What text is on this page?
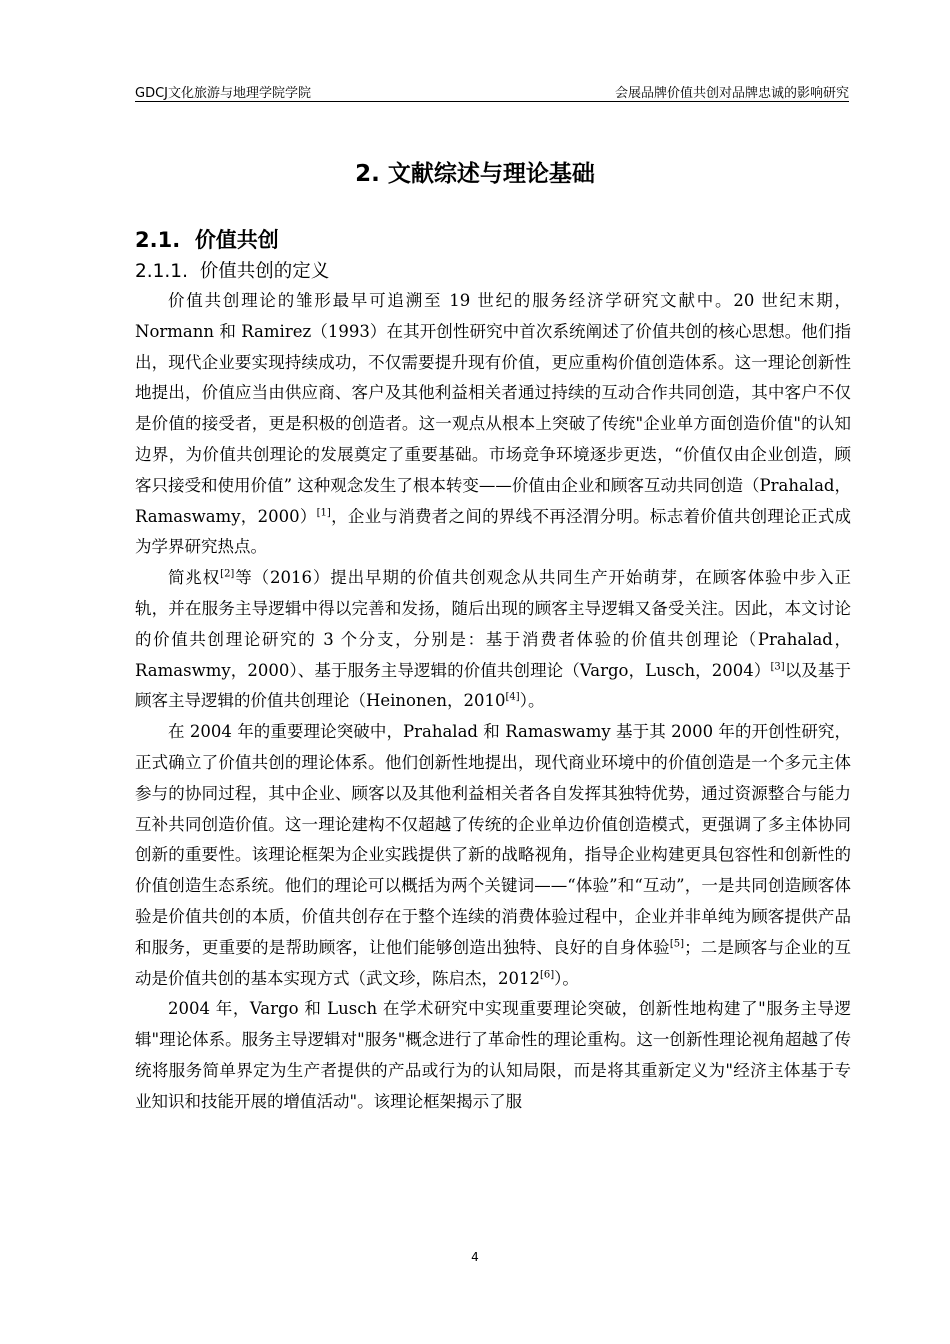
GDCJ文化旅游与地理学院学院	会展品牌价值共创对品牌忠诚的影响研究
2. 文献综述与理论基础
2.1. 价值共创
2.1.1. 价值共创的定义

价值共创理论的雏形最早可追溯至 19 世纪的服务经济学研究文献中。20 世纪末期，Normann 和 Ramirez（1993）在其开创性研究中首次系统阐述了价值共创的核心思想。他们指出，现代企业要实现持续成功，不仅需要提升现有价值，更应重构价值创造体系。这一理论创新性地提出，价值应当由供应商、客户及其他利益相关者通过持续的互动合作共同创造，其中客户不仅是价值的接受者，更是积极的创造者。这一观点从根本上突破了传统"企业单方面创造价值"的认知边界，为价值共创理论的发展奠定了重要基础。市场竞争环境逐步更迭，“价值仅由企业创造，顾客只接受和使用价值” 这种观念发生了根本转变——价值由企业和顾客互动共同创造（Prahalad，Ramaswamy，2000）[1]，企业与消费者之间的界线不再泾渭分明。标志着价值共创理论正式成为学界研究热点。

简兆权[2]等（2016）提出早期的价值共创观念从共同生产开始萌芽，在顾客体验中步入正轨，并在服务主导逻辑中得以完善和发扬，随后出现的顾客主导逻辑又备受关注。因此，本文讨论的价值共创理论研究的 3 个分支，分别是：基于消费者体验的价值共创理论（Prahalad，Ramaswmy，2000）、基于服务主导逻辑的价值共创理论（Vargo，Lusch，2004）[3]以及基于顾客主导逻辑的价值共创理论（Heinonen，2010[4]）。

在 2004 年的重要理论突破中，Prahalad 和 Ramaswamy 基于其 2000 年的开创性研究，正式确立了价值共创的理论体系。他们创新性地提出，现代商业环境中的价值创造是一个多元主体参与的协同过程，其中企业、顾客以及其他利益相关者各自发挥其独特优势，通过资源整合与能力互补共同创造价值。这一理论建构不仅超越了传统的企业单边价值创造模式，更强调了多主体协同创新的重要性。该理论框架为企业实践提供了新的战略视角，指导企业构建更具包容性和创新性的价值创造生态系统。他们的理论可以概括为两个关键词——“体验”和“互动”，一是共同创造顾客体验是价值共创的本质，价值共创存在于整个连续的消费体验过程中，企业并非单纯为顾客提供产品和服务，更重要的是帮助顾客，让他们能够创造出独特、良好的自身体验[5]；二是顾客与企业的互动是价值共创的基本实现方式（武文珍，陈启杰，2012[6]）。

2004 年，Vargo 和 Lusch 在学术研究中实现重要理论突破，创新性地构建了"服务主导逻辑"理论体系。服务主导逻辑对"服务"概念进行了革命性的理论重构。这一创新性理论视角超越了传统将服务简单界定为生产者提供的产品或行为的认知局限，而是将其重新定义为"经济主体基于专业知识和技能开展的增值活动"。该理论框架揭示了服

4
